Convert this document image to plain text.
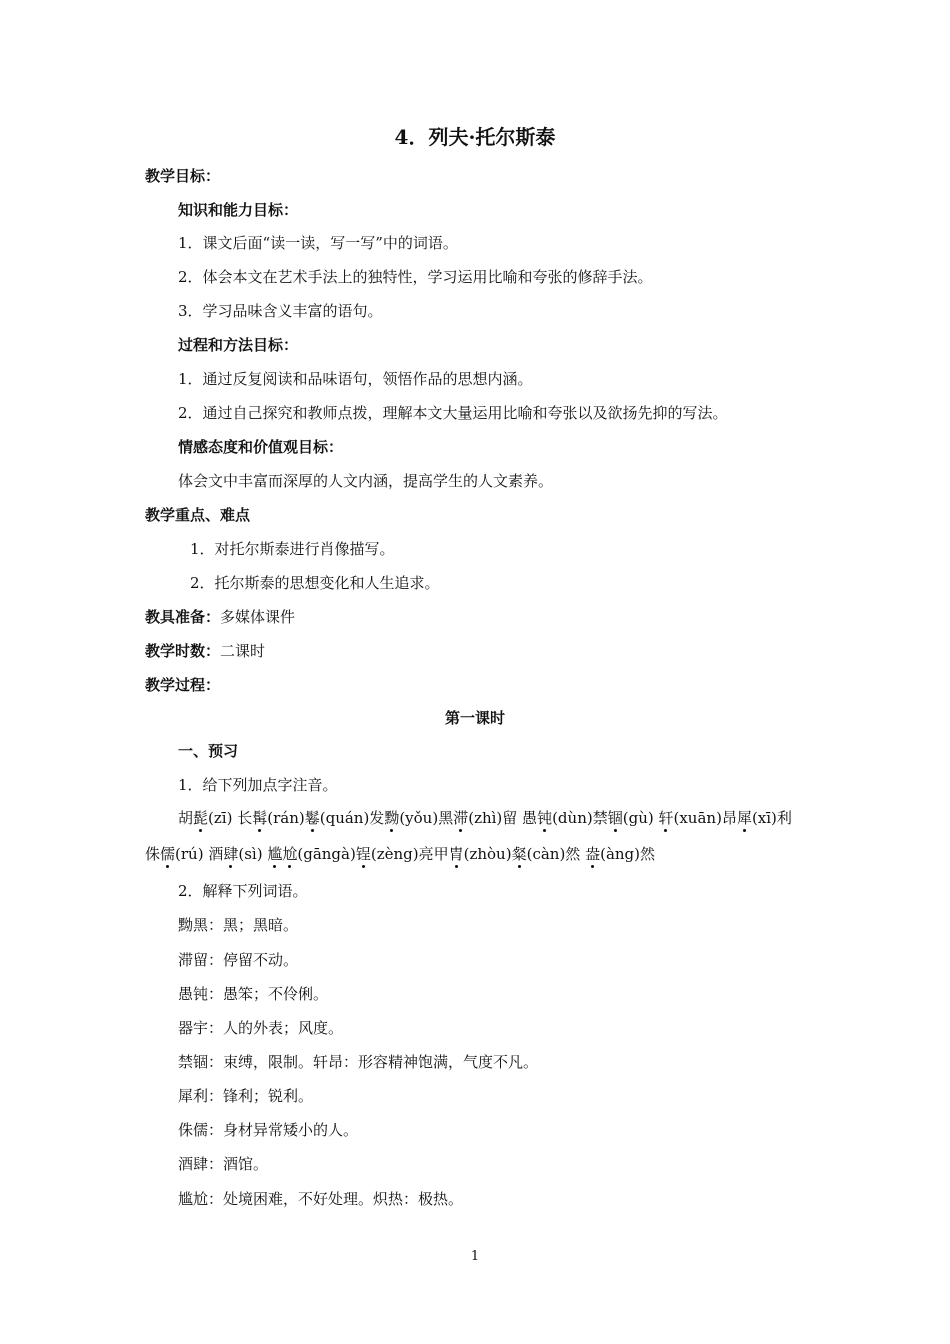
4．列夫·托尔斯泰
教学目标：
知识和能力目标：
1．课文后面“读一读，写一写”中的词语。
2．体会本文在艺术手法上的独特性，学习运用比喻和夸张的修辞手法。
3．学习品味含义丰富的语句。
过程和方法目标：
1．通过反复阅读和品味语句，领悟作品的思想内涵。
2．通过自己探究和教师点拨，理解本文大量运用比喻和夸张以及欲扬先抑的写法。
情感态度和价值观目标：
体会文中丰富而深厚的人文内涵，提高学生的人文素养。
教学重点、难点
1．对托尔斯泰进行肖像描写。
2．托尔斯泰的思想变化和人生追求。
教具准备：多媒体课件
教学时数：二课时
教学过程：
第一课时
一、预习
1．给下列加点字注音。
胡髭(zī) 长髯(rán)鬈(quán)发黝(yǒu)黑滞(zhì)留 愚钝(dùn)禁锢(gù) 轩(xuān)昂犀(xī)利
侏儒(rú) 酒肆(sì) 尴尬(gāngà)锃(zèng)亮甲胄(zhòu)粲(càn)然 盎(àng)然
2．解释下列词语。
黝黑：黑；黑暗。
滞留：停留不动。
愚钝：愚笨；不伶俐。
器宇：人的外表；风度。
禁锢：束缚，限制。轩昂：形容精神饱满，气度不凡。
犀利：锋利；锐利。
侏儒：身材异常矮小的人。
酒肆：酒馆。
尴尬：处境困难，不好处理。炽热：极热。
1
